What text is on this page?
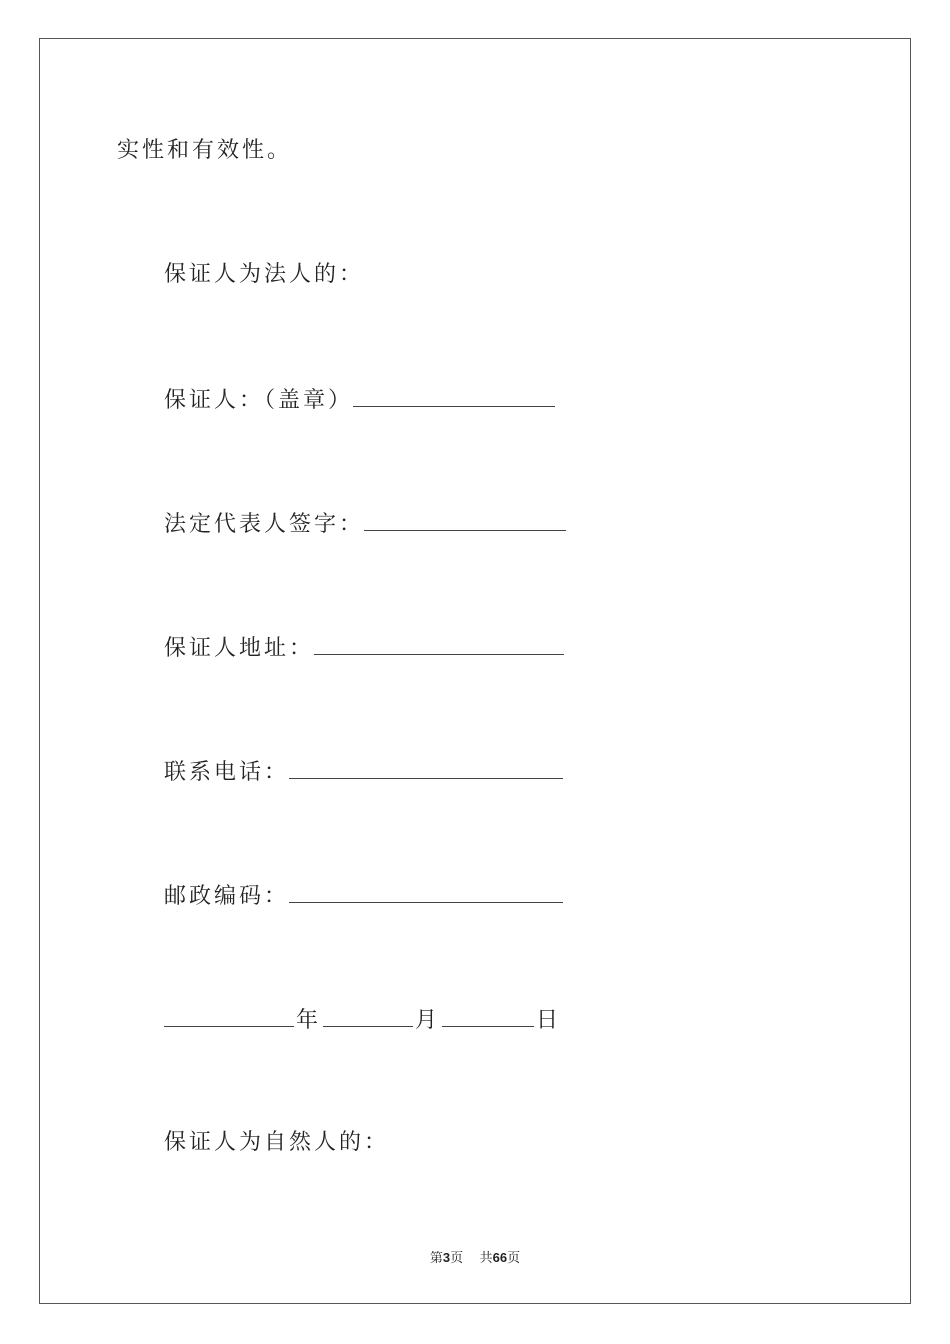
实性和有效性。
保证人为法人的：
保证人：（盖章）
法定代表人签字：
保证人地址：
联系电话：
邮政编码：
年	月	日
保证人为自然人的：
第3页 共66页
